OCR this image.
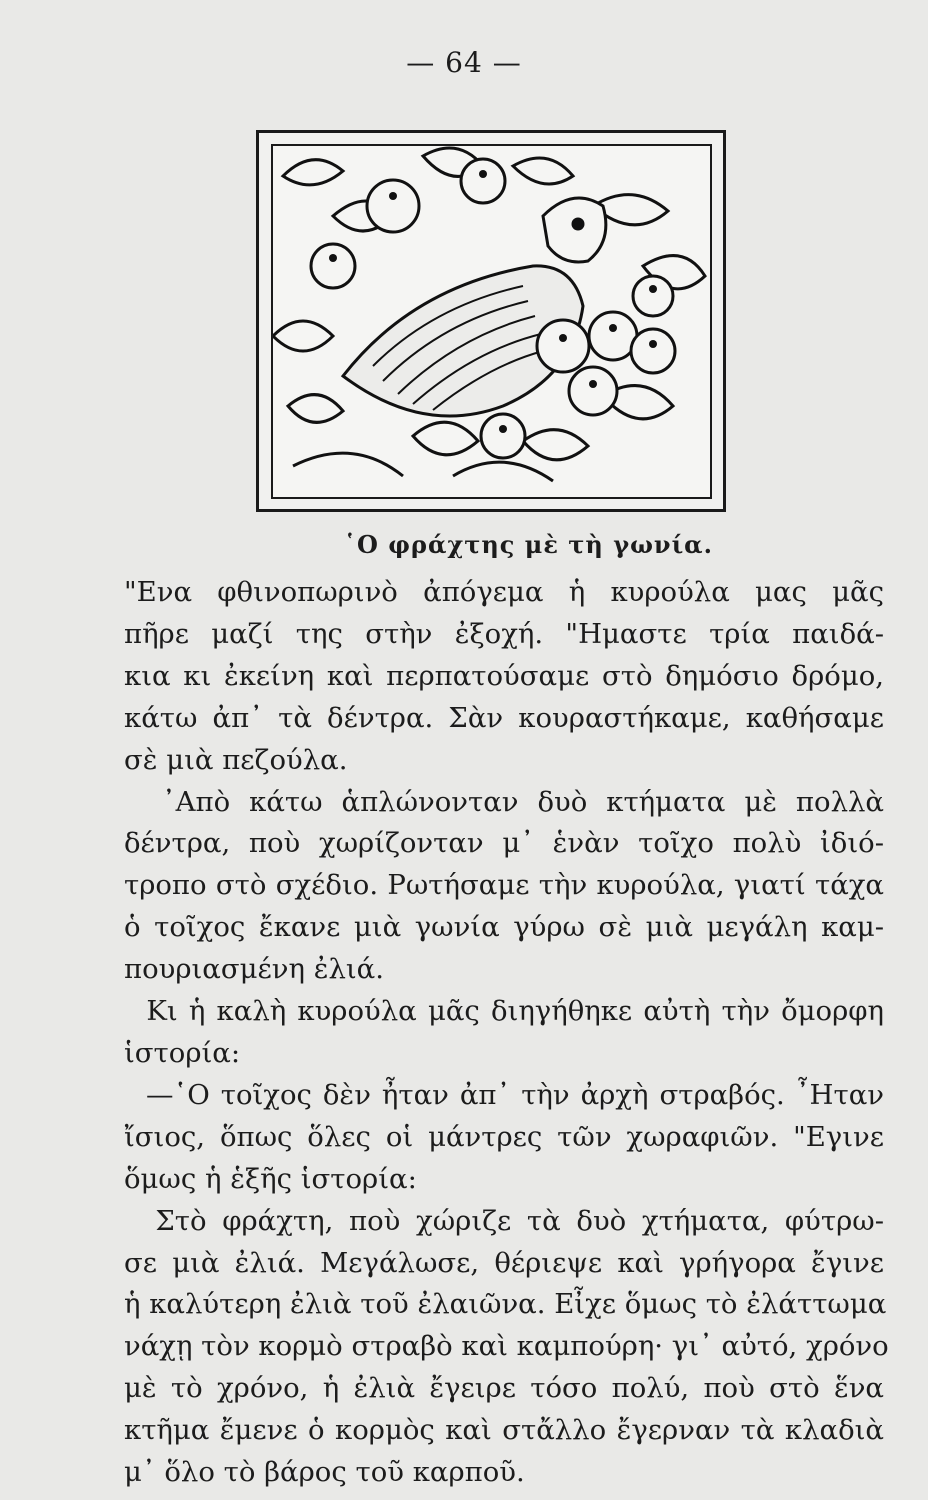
— 64 —
῾Ο φράχτης μὲ τὴ γωνία.
"Ενα φθινοπωρινὸ ἀπόγεμα ἡ κυρούλα μας μᾶς
πῆρε μαζί της στὴν ἐξοχή. "Ημαστε τρία παιδά-
κια κι ἐκείνη καὶ περπατούσαμε στὸ δημόσιο δρόμο,
κάτω ἀπ᾽ τὰ δέντρα. Σὰν κουραστήκαμε, καθήσαμε
σὲ μιὰ πεζούλα.
᾿Απὸ κάτω ἁπλώνονταν δυὸ κτήματα μὲ πολλὰ
δέντρα, ποὺ χωρίζονταν μ᾽ ἑνὰν τοῖχο πολὺ ἰδιό-
τροπο στὸ σχέδιο. Ρωτήσαμε τὴν κυρούλα, γιατί τάχα
ὁ τοῖχος ἔκανε μιὰ γωνία γύρω σὲ μιὰ μεγάλη καμ-
πουριασμένη ἐλιά.
Κι ἡ καλὴ κυρούλα μᾶς διηγήθηκε αὐτὴ τὴν ὄμορφη
ἱστορία:
—῾Ο τοῖχος δὲν ἦταν ἀπ᾽ τὴν ἀρχὴ στραβός. ῏Ηταν
ἴσιος, ὅπως ὅλες οἱ μάντρες τῶν χωραφιῶν. "Εγινε
ὅμως ἡ ἑξῆς ἱστορία:
Στὸ φράχτη, ποὺ χώριζε τὰ δυὸ χτήματα, φύτρω-
σε μιὰ ἐλιά. Μεγάλωσε, θέριεψε καὶ γρήγορα ἔγινε
ἡ καλύτερη ἐλιὰ τοῦ ἐλαιῶνα. Εἶχε ὅμως τὸ ἐλάττωμα
νάχῃ τὸν κορμὸ στραβὸ καὶ καμπούρη· γι᾽ αὐτό, χρόνο
μὲ τὸ χρόνο, ἡ ἐλιὰ ἔγειρε τόσο πολύ, ποὺ στὸ ἕνα
κτῆμα ἔμενε ὁ κορμὸς καὶ στἄλλο ἔγερναν τὰ κλαδιὰ
μ᾽ ὅλο τὸ βάρος τοῦ καρποῦ.
